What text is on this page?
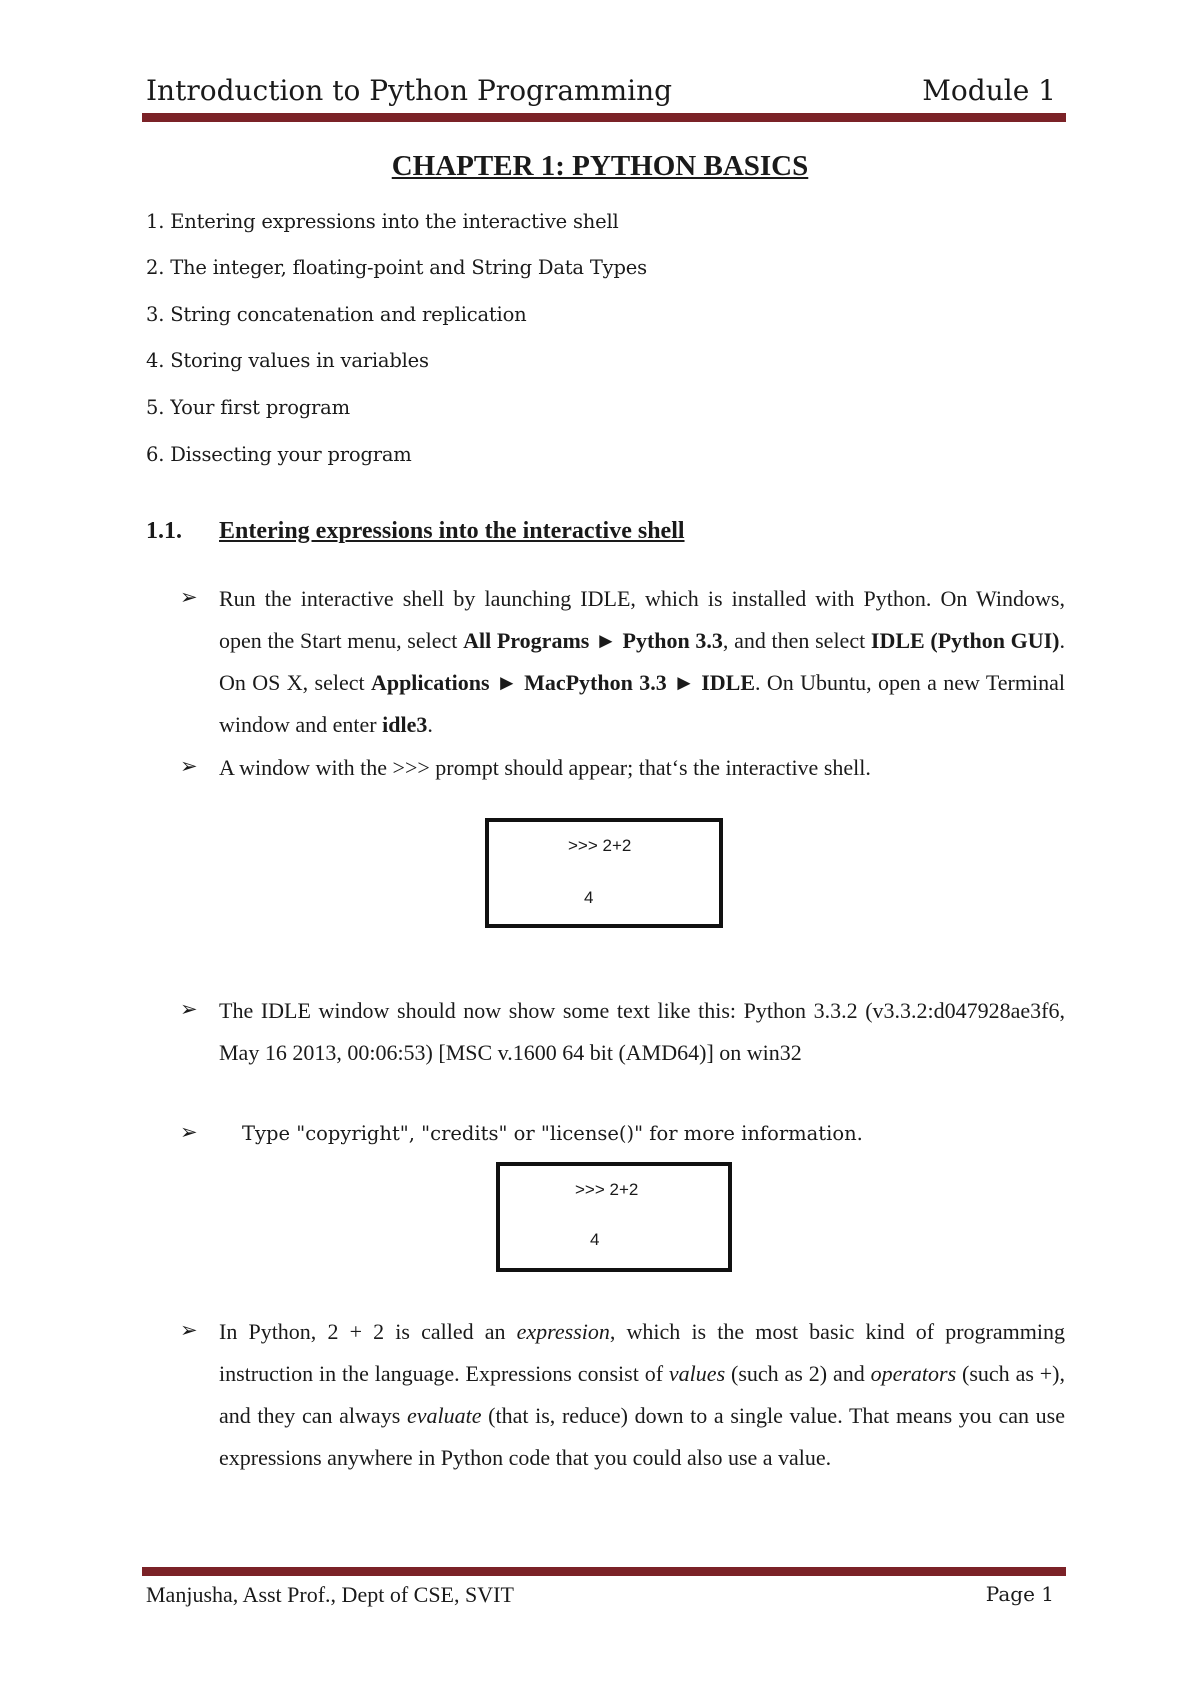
Introduction to Python Programming	Module 1
CHAPTER 1: PYTHON BASICS
1. Entering expressions into the interactive shell
2. The integer, floating-point and String Data Types
3. String concatenation and replication
4. Storing values in variables
5. Your first program
6. Dissecting your program
1.1. Entering expressions into the interactive shell
➢ Run the interactive shell by launching IDLE, which is installed with Python. On Windows, open the Start menu, select All Programs ► Python 3.3, and then select IDLE (Python GUI). On OS X, select Applications ► MacPython 3.3 ► IDLE. On Ubuntu, open a new Terminal window and enter idle3.
➢ A window with the >>> prompt should appear; that‘s the interactive shell.
>>> 2+2
4
➢ The IDLE window should now show some text like this: Python 3.3.2 (v3.3.2:d047928ae3f6, May 16 2013, 00:06:53) [MSC v.1600 64 bit (AMD64)] on win32
➢ Type "copyright", "credits" or "license()" for more information.
>>> 2+2
4
➢ In Python, 2 + 2 is called an expression, which is the most basic kind of programming instruction in the language. Expressions consist of values (such as 2) and operators (such as +), and they can always evaluate (that is, reduce) down to a single value. That means you can use expressions anywhere in Python code that you could also use a value.
Manjusha, Asst Prof., Dept of CSE, SVIT	Page 1
